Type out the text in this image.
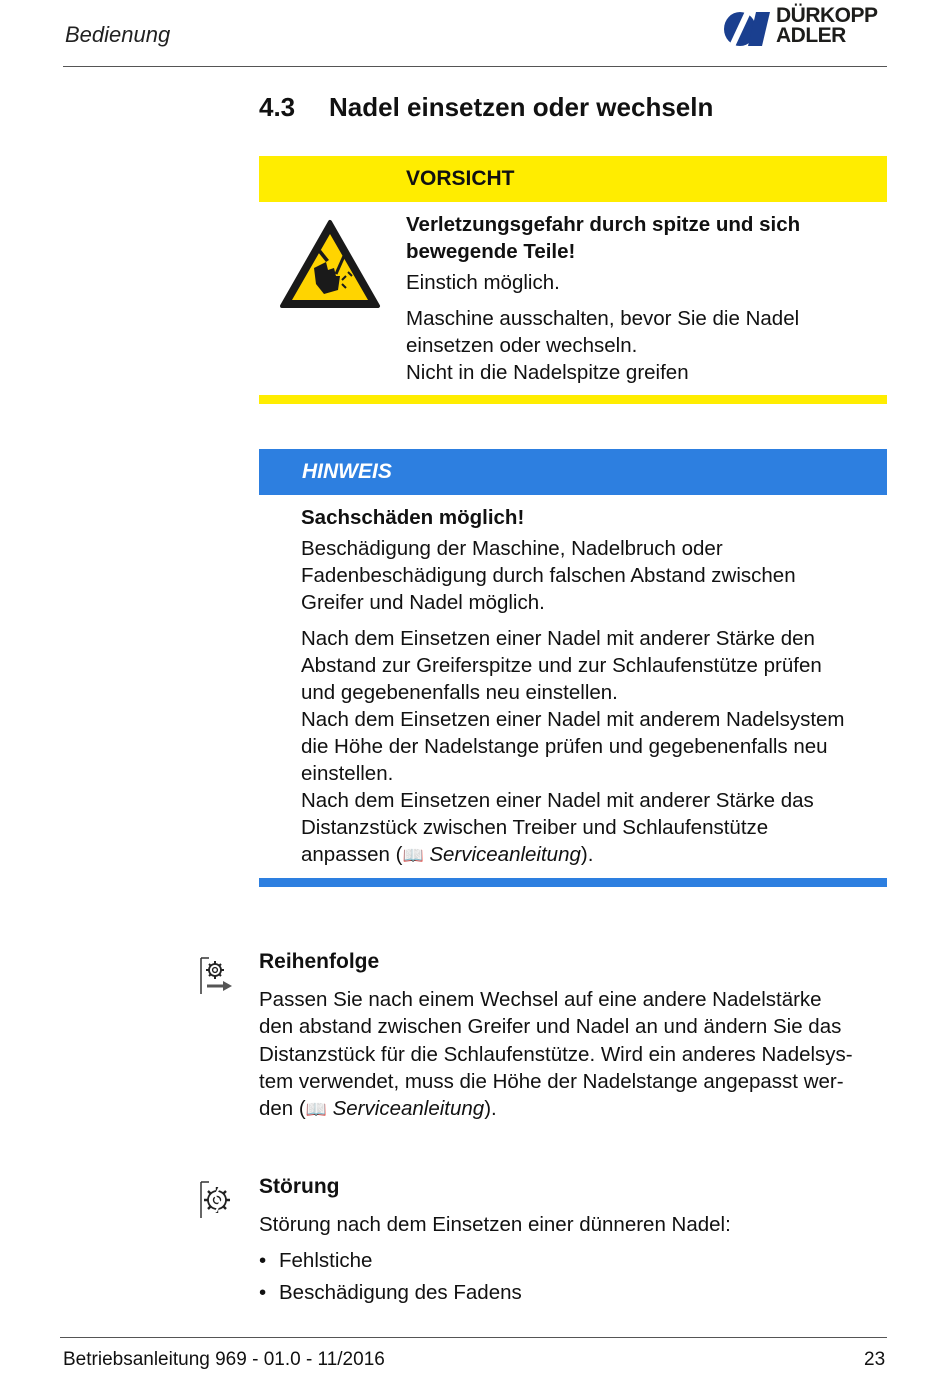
Bedienung
DÜRKOPP
ADLER
4.3 Nadel einsetzen oder wechseln
VORSICHT

Verletzungsgefahr durch spitze und sich
bewegende Teile!

Einstich möglich.

Maschine ausschalten, bevor Sie die Nadel
einsetzen oder wechseln.
Nicht in die Nadelspitze greifen

HINWEIS

Sachschäden möglich!

Beschädigung der Maschine, Nadelbruch oder
Fadenbeschädigung durch falschen Abstand zwischen
Greifer und Nadel möglich.

Nach dem Einsetzen einer Nadel mit anderer Stärke den
Abstand zur Greiferspitze und zur Schlaufenstütze prüfen
und gegebenenfalls neu einstellen.
Nach dem Einsetzen einer Nadel mit anderem Nadelsystem
die Höhe der Nadelstange prüfen und gegebenenfalls neu
einstellen.
Nach dem Einsetzen einer Nadel mit anderer Stärke das
Distanzstück zwischen Treiber und Schlaufenstütze
anpassen (📖 Serviceanleitung).

Reihenfolge
Passen Sie nach einem Wechsel auf eine andere Nadelstärke
den abstand zwischen Greifer und Nadel an und ändern Sie das
Distanzstück für die Schlaufenstütze. Wird ein anderes Nadelsys-
tem verwendet, muss die Höhe der Nadelstange angepasst wer-
den (📖 Serviceanleitung).
Störung
Störung nach dem Einsetzen einer dünneren Nadel:
• Fehlstiche
• Beschädigung des Fadens
Betriebsanleitung 969 - 01.0 - 11/2016	23
